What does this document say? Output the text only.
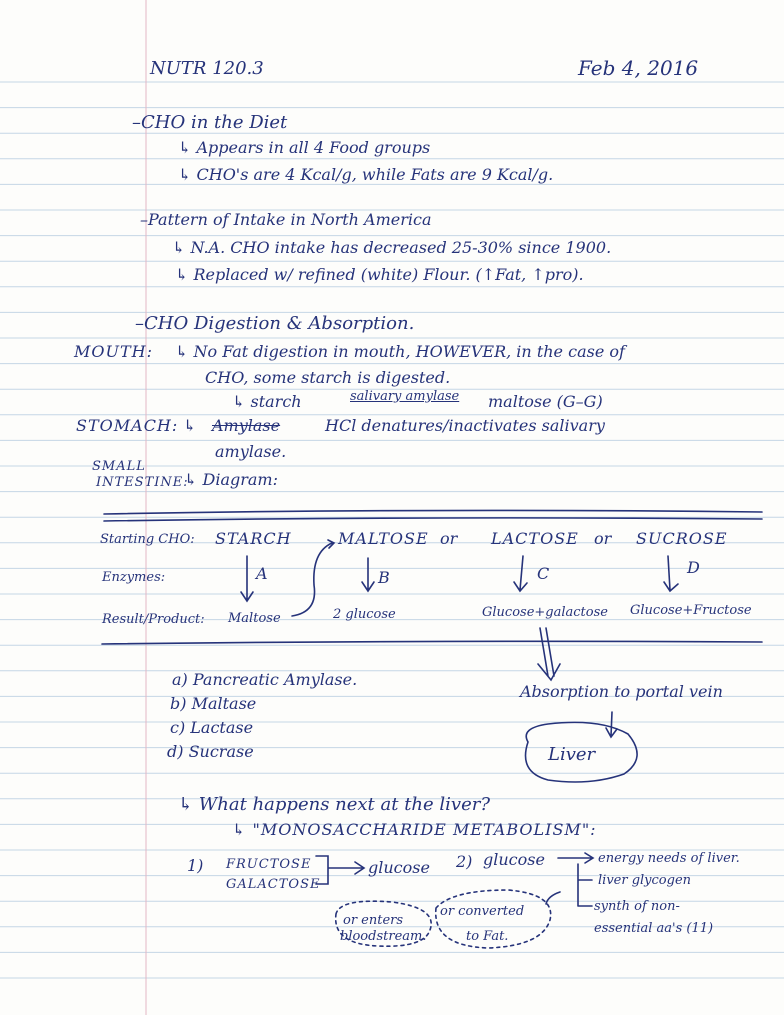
NUTR 120.3	Feb 4, 2016
–CHO in the Diet
↳ Appears in all 4 Food groups
↳ CHO's are 4 Kcal/g, while Fats are 9 Kcal/g.
–Pattern of Intake in North America
↳ N.A. CHO intake has decreased 25-30% since 1900.
↳ Replaced w/ refined (white) Flour. (↑Fat, ↑pro).
–CHO Digestion & Absorption.
MOUTH: ↳ No Fat digestion in mouth, HOWEVER, in the case of
CHO, some starch is digested.
↳ starch	salivary amylase maltose (G–G)
STOMACH: ↳ Amylase	HCl denatures/inactivates salivary
amylase.
SMALL
INTESTINE:
↳ Diagram:
Starting CHO: STARCH	MALTOSE or LACTOSE or SUCROSE
Enzymes:	A	B	C	D
Result/Product: Maltose	2 glucose	Glucose+galactose Glucose+Fructose
a) Pancreatic Amylase.
b) Maltase
c) Lactase
d) Sucrase
Absorption to portal vein
Liver
↳ What happens next at the liver?
↳ "MONOSACCHARIDE METABOLISM":
1) FRUCTOSE
GALACTOSE
glucose 2) glucose	energy needs of liver.
liver glycogen
synth of non-
essential aa's (11)
or enters
bloodstream.
or converted
to Fat.
